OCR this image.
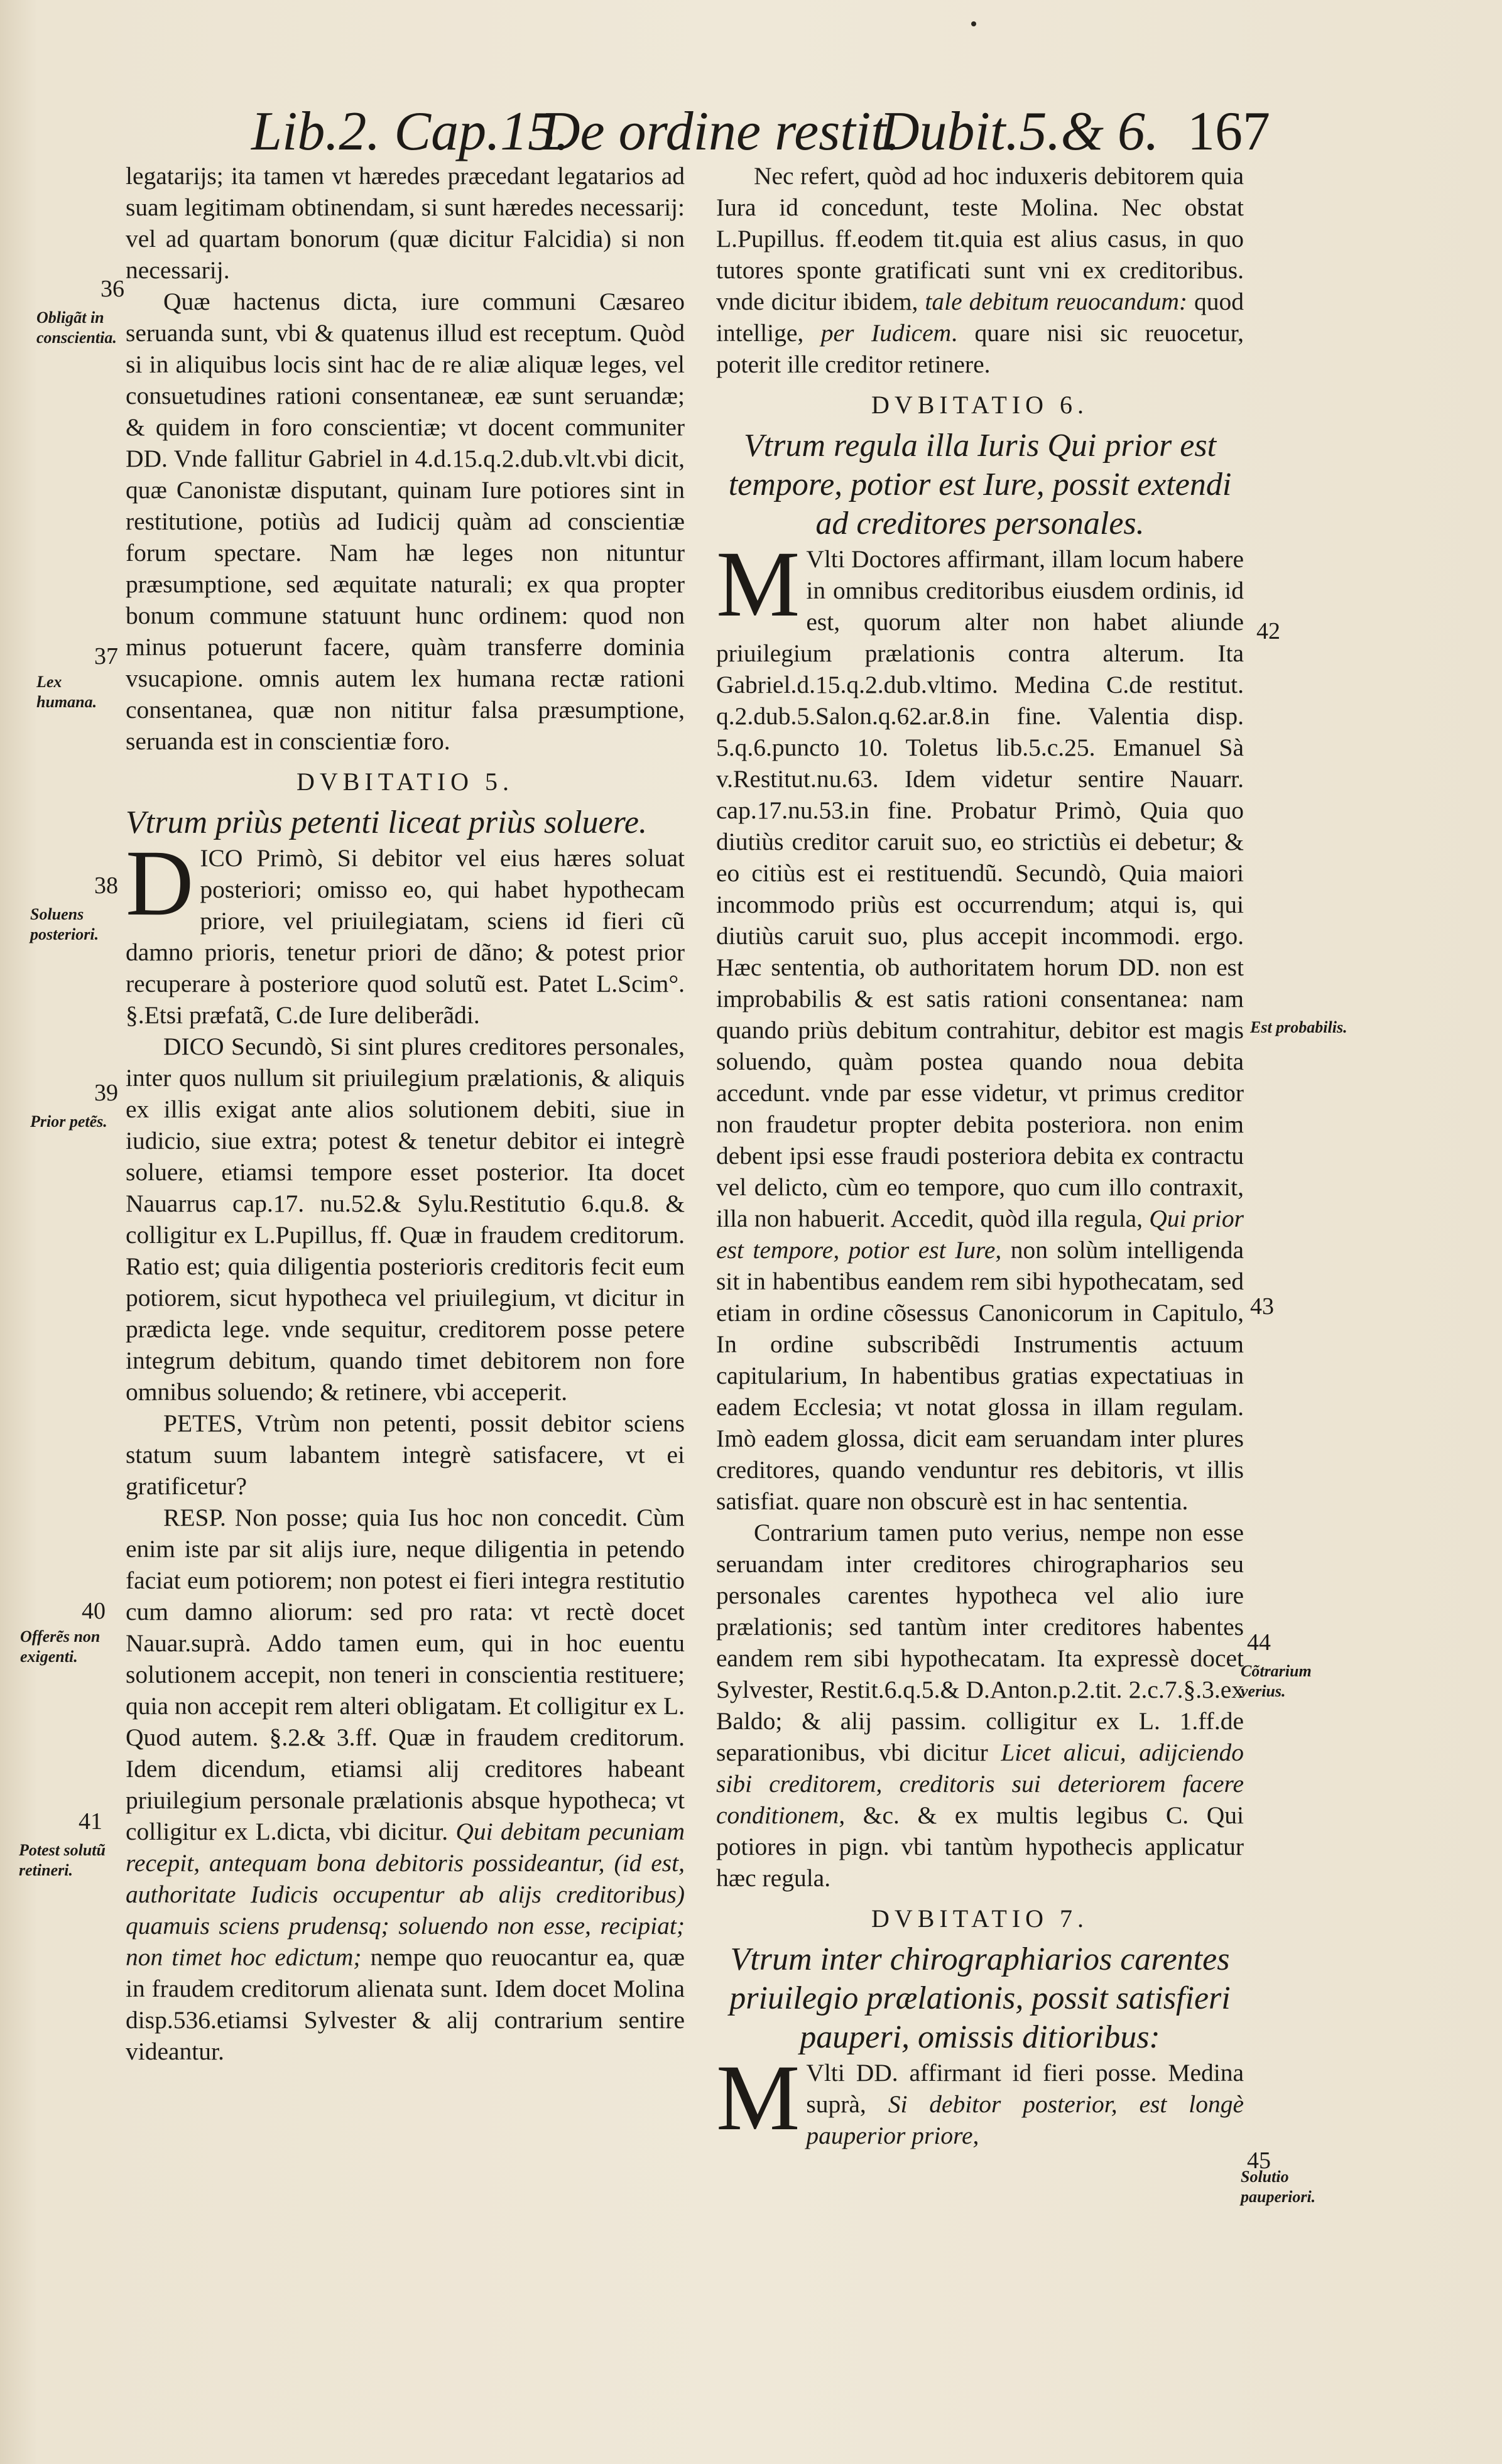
Lib.2. Cap.15.
De ordine restit.
Dubit.5.& 6. 167

legatarijs; ita tamen vt hæredes præcedant legatarios ad suam legitimam obtinendam, si sunt hæredes necessarij: vel ad quartam bonorum (quæ dicitur Falcidia) si non necessarij.

Quæ hactenus dicta, iure communi Cæsareo seruanda sunt, vbi & quatenus illud est receptum. Quòd si in aliquibus locis sint hac de re aliæ aliquæ leges, vel consuetudines rationi consentaneæ, eæ sunt seruandæ; & quidem in foro conscientiæ; vt docent communiter DD. Vnde fallitur Gabriel in 4.d.15.q.2.dub.vlt.vbi dicit, quæ Canonistæ disputant, quinam Iure potiores sint in restitutione, potiùs ad Iudicij quàm ad conscientiæ forum spectare. Nam hæ leges non nituntur præsumptione, sed æquitate naturali; ex qua propter bonum commune statuunt hunc ordinem: quod non minus potuerunt facere, quàm transferre dominia vsucapione. omnis autem lex humana rectæ rationi consentanea, quæ non nititur falsa præsumptione, seruanda est in conscientiæ foro.

DVBITATIO 5.

Vtrum priùs petenti liceat priùs soluere.

DICO Primò, Si debitor vel eius hæres soluat posteriori; omisso eo, qui habet hypothecam priore, vel priuilegiatam, sciens id fieri cũ damno prioris, tenetur priori de dãno; & potest prior recuperare à posteriore quod solutũ est. Patet L.Scim°. §.Etsi præfatã, C.de Iure deliberãdi.

DICO Secundò, Si sint plures creditores personales, inter quos nullum sit priuilegium prælationis, & aliquis ex illis exigat ante alios solutionem debiti, siue in iudicio, siue extra; potest & tenetur debitor ei integrè soluere, etiamsi tempore esset posterior. Ita docet Nauarrus cap.17. nu.52.& Sylu.Restitutio 6.qu.8. & colligitur ex L.Pupillus, ff. Quæ in fraudem creditorum. Ratio est; quia diligentia posterioris creditoris fecit eum potiorem, sicut hypotheca vel priuilegium, vt dicitur in prædicta lege. vnde sequitur, creditorem posse petere integrum debitum, quando timet debitorem non fore omnibus soluendo; & retinere, vbi acceperit.

PETES, Vtrùm non petenti, possit debitor sciens statum suum labantem integrè satisfacere, vt ei gratificetur?

RESP. Non posse; quia Ius hoc non concedit. Cùm enim iste par sit alijs iure, neque diligentia in petendo faciat eum potiorem; non potest ei fieri integra restitutio cum damno aliorum: sed pro rata: vt rectè docet Nauar.suprà. Addo tamen eum, qui in hoc euentu solutionem accepit, non teneri in conscientia restituere; quia non accepit rem alteri obligatam. Et colligitur ex L. Quod autem. §.2.& 3.ff. Quæ in fraudem creditorum. Idem dicendum, etiamsi alij creditores habeant priuilegium personale prælationis absque hypotheca; vt colligitur ex L.dicta, vbi dicitur. Qui debitam pecuniam recepit, antequam bona debitoris possideantur, (id est, authoritate Iudicis occupentur ab alijs creditoribus) quamuis sciens prudensq; soluendo non esse, recipiat; non timet hoc edictum; nempe quo reuocantur ea, quæ in fraudem creditorum alienata sunt. Idem docet Molina disp.536.etiamsi Sylvester & alij contrarium sentire videantur.

Nec refert, quòd ad hoc induxeris debitorem quia Iura id concedunt, teste Molina. Nec obstat L.Pupillus. ff.eodem tit.quia est alius casus, in quo tutores sponte gratificati sunt vni ex creditoribus. vnde dicitur ibidem, tale debitum reuocandum: quod intellige, per Iudicem. quare nisi sic reuocetur, poterit ille creditor retinere.

DVBITATIO 6.

Vtrum regula illa Iuris Qui prior est tempore, potior est Iure, possit extendi ad creditores personales.

M Vlti Doctores affirmant, illam locum habere in omnibus creditoribus eiusdem ordinis, id est, quorum alter non habet aliunde priuilegium prælationis contra alterum. Ita Gabriel.d.15.q.2.dub.vltimo. Medina C.de restitut. q.2.dub.5.Salon.q.62.ar.8.in fine. Valentia disp. 5.q.6.puncto 10. Toletus lib.5.c.25. Emanuel Sà v.Restitut.nu.63. Idem videtur sentire Nauarr. cap.17.nu.53.in fine. Probatur Primò, Quia quo diutiùs creditor caruit suo, eo strictiùs ei debetur; & eo citiùs est ei restituendũ. Secundò, Quia maiori incommodo priùs est occurrendum; atqui is, qui diutiùs caruit suo, plus accepit incommodi. ergo. Hæc sententia, ob authoritatem horum DD. non est improbabilis & est satis rationi consentanea: nam quando priùs debitum contrahitur, debitor est magis soluendo, quàm postea quando noua debita accedunt. vnde par esse videtur, vt primus creditor non fraudetur propter debita posteriora. non enim debent ipsi esse fraudi posteriora debita ex contractu vel delicto, cùm eo tempore, quo cum illo contraxit, illa non habuerit. Accedit, quòd illa regula, Qui prior est tempore, potior est Iure, non solùm intelligenda sit in habentibus eandem rem sibi hypothecatam, sed etiam in ordine cõsessus Canonicorum in Capitulo, In ordine subscribẽdi Instrumentis actuum capitularium, In habentibus gratias expectatiuas in eadem Ecclesia; vt notat glossa in illam regulam. Imò eadem glossa, dicit eam seruandam inter plures creditores, quando venduntur res debitoris, vt illis satisfiat. quare non obscurè est in hac sententia.

Contrarium tamen puto verius, nempe non esse seruandam inter creditores chirographarios seu personales carentes hypotheca vel alio iure prælationis; sed tantùm inter creditores habentes eandem rem sibi hypothecatam. Ita expressè docet Sylvester, Restit.6.q.5.& D.Anton.p.2.tit. 2.c.7.§.3.ex Baldo; & alij passim. colligitur ex L. 1.ff.de separationibus, vbi dicitur Licet alicui, adijciendo sibi creditorem, creditoris sui deteriorem facere conditionem, &c. & ex multis legibus C. Qui potiores in pign. vbi tantùm hypothecis applicatur hæc regula.

DVBITATIO 7.

Vtrum inter chirographiarios carentes priuilegio prælationis, possit satisfieri pauperi, omissis ditioribus:

M Vlti DD. affirmant id fieri posse. Medina suprà, Si debitor posterior, est longè pauperior priore,

36
Obligãt in conscientia.
37
Lex humana.
38
Soluens posteriori.
39
Prior petẽs.
40
Offerẽs non exigenti.
41
Potest solutũ retineri.
42
Est probabilis.
43
44
Cõtrarium verius.
45
Solutio pauperiori.
